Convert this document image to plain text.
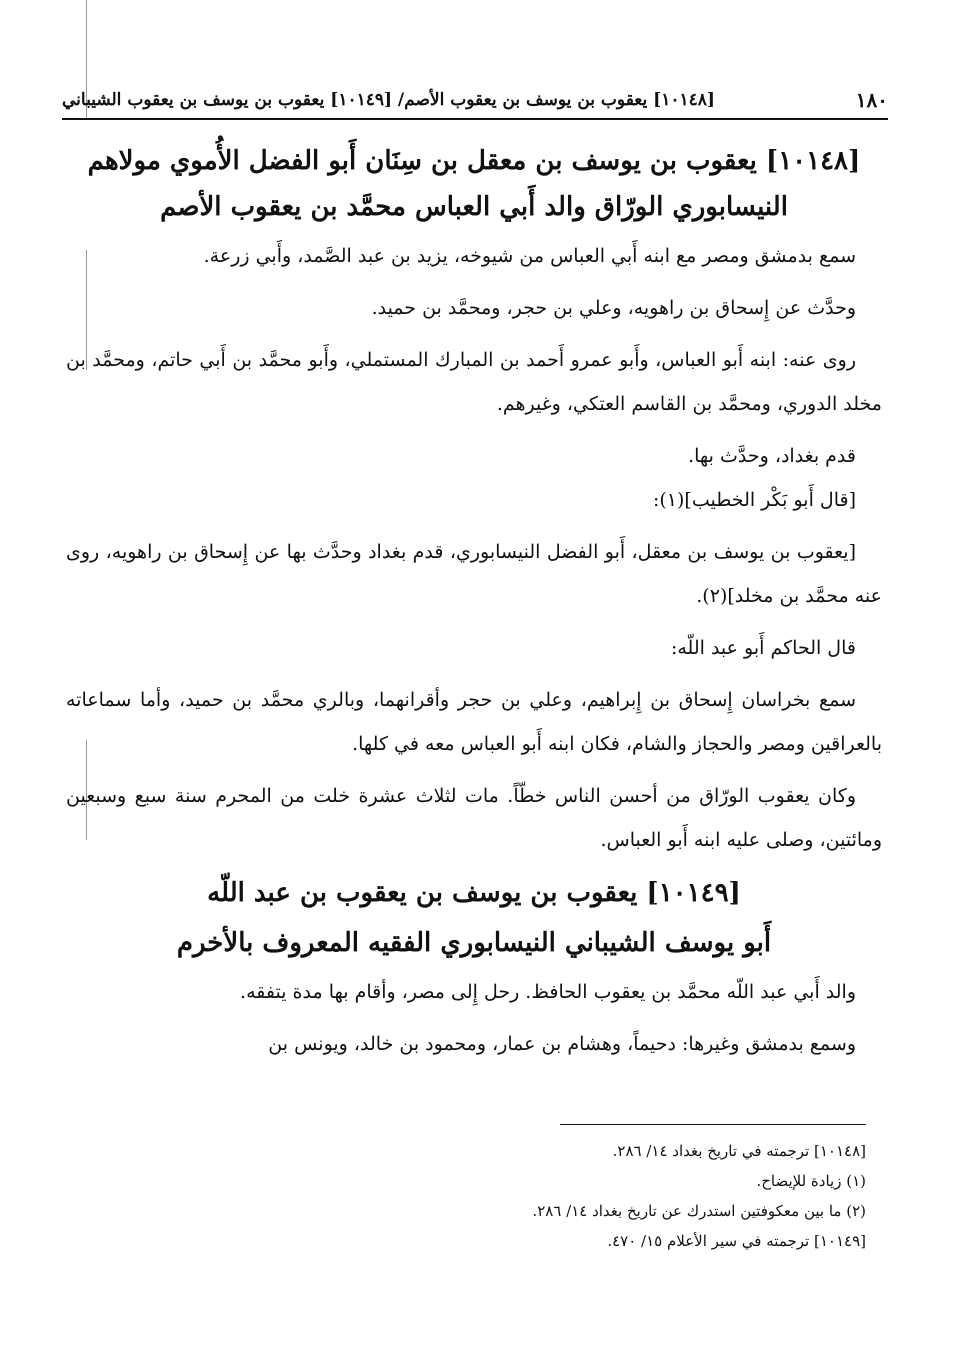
١٨٠
[١٠١٤٨] يعقوب بن يوسف بن يعقوب الأصم/ [١٠١٤٩] يعقوب بن يوسف بن يعقوب الشيباني
[١٠١٤٨] يعقوب بن يوسف بن معقل بن سِنَان أَبو الفضل الأُموي مولاهم النيسابوري الورّاق والد أَبي العباس محمَّد بن يعقوب الأصم

سمع بدمشق ومصر مع ابنه أَبي العباس من شيوخه، يزيد بن عبد الصَّمد، وأَبي زرعة.

وحدَّث عن إِسحاق بن راهويه، وعلي بن حجر، ومحمَّد بن حميد.

روى عنه: ابنه أَبو العباس، وأَبو عمرو أَحمد بن المبارك المستملي، وأَبو محمَّد بن أَبي حاتم، ومحمَّد بن مخلد الدوري، ومحمَّد بن القاسم العتكي، وغيرهم.

قدم بغداد، وحدَّث بها.

[قال أَبو بَكْر الخطيب](١):

[يعقوب بن يوسف بن معقل، أَبو الفضل النيسابوري، قدم بغداد وحدَّث بها عن إِسحاق بن راهويه، روى عنه محمَّد بن مخلد](٢).

قال الحاكم أَبو عبد اللّه:

سمع بخراسان إِسحاق بن إِبراهيم، وعلي بن حجر وأقرانهما، وبالري محمَّد بن حميد، وأما سماعاته بالعراقين ومصر والحجاز والشام، فكان ابنه أَبو العباس معه في كلها.

وكان يعقوب الورّاق من أحسن الناس خطّاً. مات لثلاث عشرة خلت من المحرم سنة سبع وسبعين ومائتين، وصلى عليه ابنه أَبو العباس.

[١٠١٤٩] يعقوب بن يوسف بن يعقوب بن عبد اللّه
أَبو يوسف الشيباني النيسابوري الفقيه المعروف بالأخرم

والد أَبي عبد اللّه محمَّد بن يعقوب الحافظ. رحل إِلى مصر، وأقام بها مدة يتفقه.

وسمع بدمشق وغيرها: دحيماً، وهشام بن عمار، ومحمود بن خالد، ويونس بن

[١٠١٤٨] ترجمته في تاريخ بغداد ١٤/ ٢٨٦.
(١) زيادة للإيضاح.
(٢) ما بين معكوفتين استدرك عن تاريخ بغداد ١٤/ ٢٨٦.
[١٠١٤٩] ترجمته في سير الأعلام ١٥/ ٤٧٠.
